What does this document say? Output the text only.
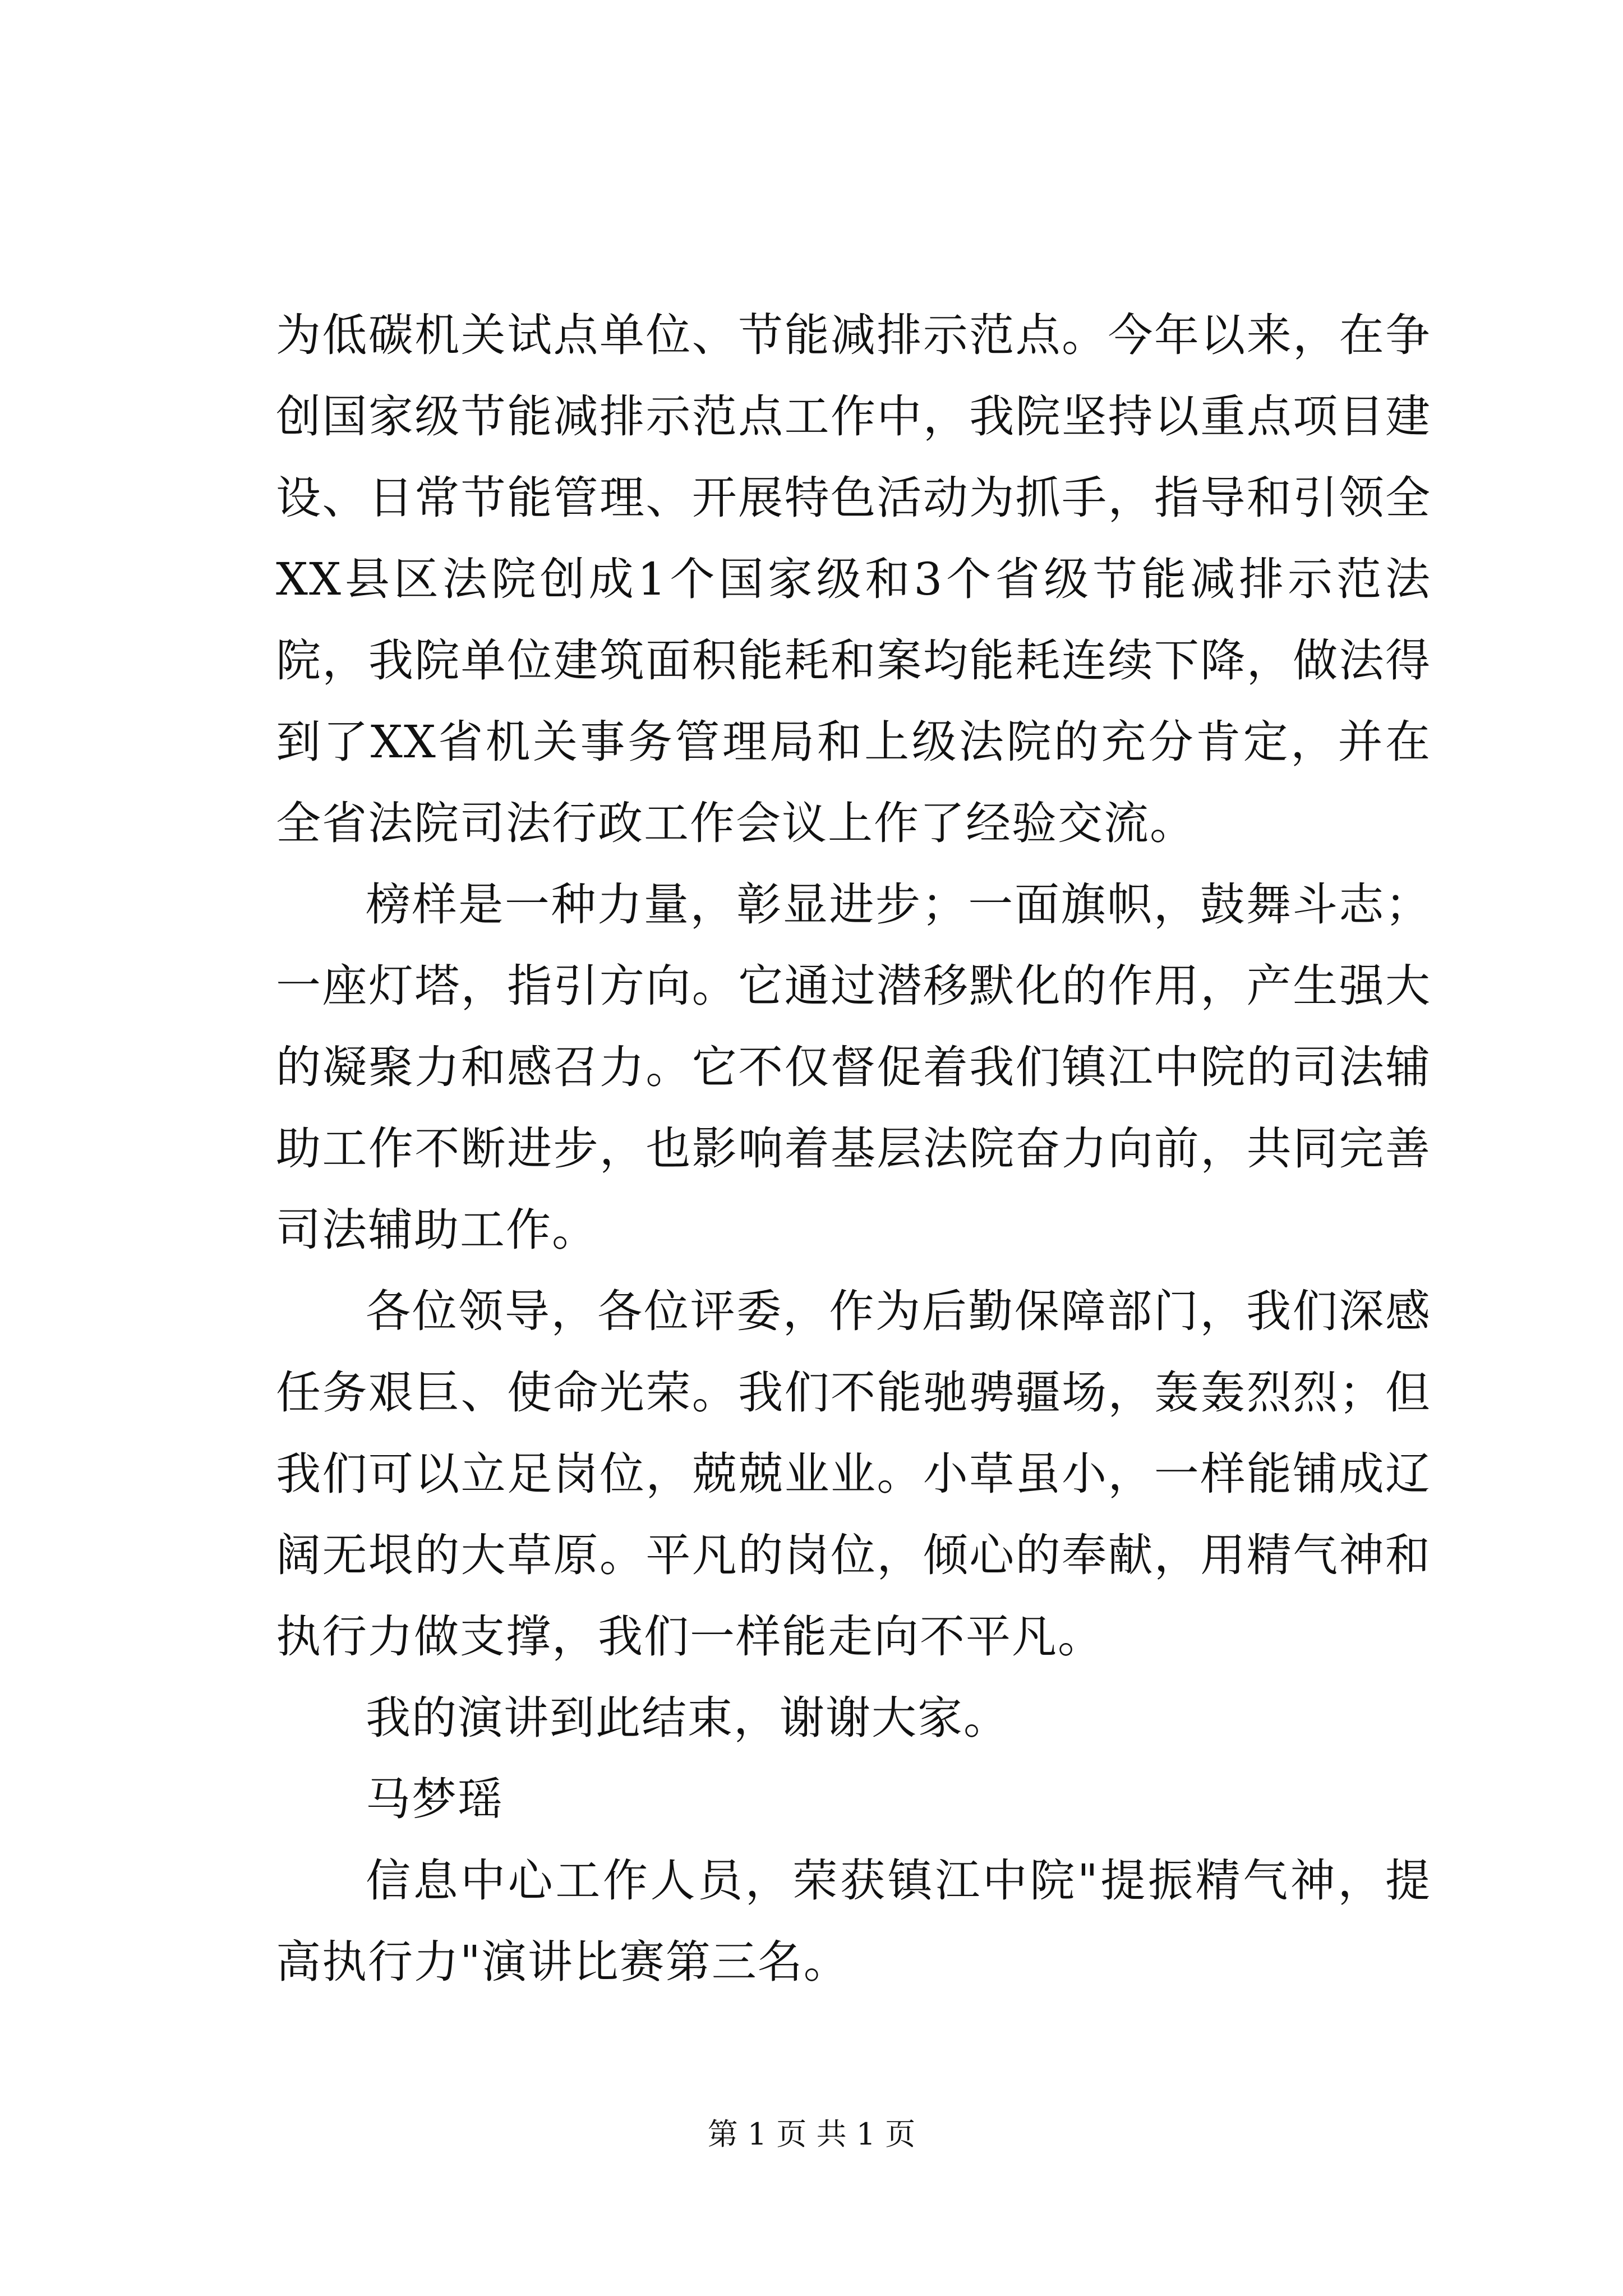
为低碳机关试点单位、节能减排示范点。今年以来，在争创国家级节能减排示范点工作中，我院坚持以重点项目建设、日常节能管理、开展特色活动为抓手，指导和引领全XX县区法院创成1个国家级和3个省级节能减排示范法院，我院单位建筑面积能耗和案均能耗连续下降，做法得到了XX省机关事务管理局和上级法院的充分肯定，并在全省法院司法行政工作会议上作了经验交流。

榜样是一种力量，彰显进步；一面旗帜，鼓舞斗志；一座灯塔，指引方向。它通过潜移默化的作用，产生强大的凝聚力和感召力。它不仅督促着我们镇江中院的司法辅助工作不断进步，也影响着基层法院奋力向前，共同完善司法辅助工作。

各位领导，各位评委，作为后勤保障部门，我们深感任务艰巨、使命光荣。我们不能驰骋疆场，轰轰烈烈；但我们可以立足岗位，兢兢业业。小草虽小，一样能铺成辽阔无垠的大草原。平凡的岗位，倾心的奉献，用精气神和执行力做支撑，我们一样能走向不平凡。

我的演讲到此结束，谢谢大家。

马梦瑶

信息中心工作人员，荣获镇江中院"提振精气神，提高执行力"演讲比赛第三名。

第 1 页 共 1 页
